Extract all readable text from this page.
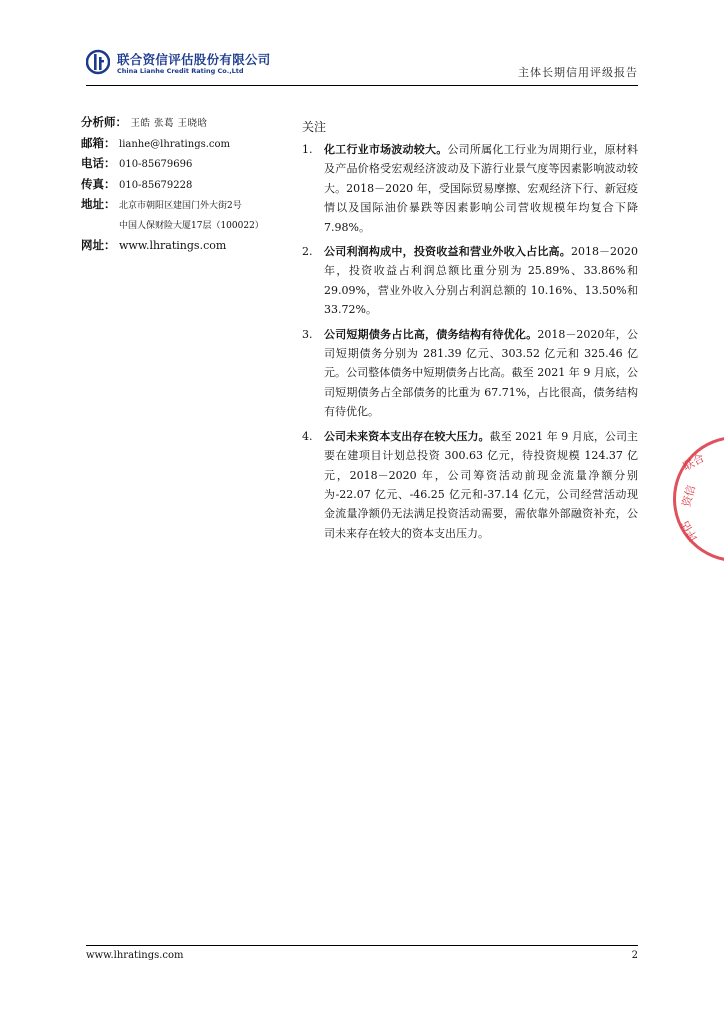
联合资信评估股份有限公司
China Lianhe Credit Rating Co.,Ltd	主体长期信用评级报告
分析师： 王皓 张葛 王晓晗
邮箱： lianhe@lhratings.com
电话： 010-85679696
传真： 010-85679228
地址： 北京市朝阳区建国门外大街2号
中国人保财险大厦17层（100022）
网址： www.lhratings.com
关注
1. 化工行业市场波动较大。公司所属化工行业为周期行业，原材料及产品价格受宏观经济波动及下游行业景气度等因素影响波动较大。2018－2020 年，受国际贸易摩擦、宏观经济下行、新冠疫情以及国际油价暴跌等因素影响公司营收规模年均复合下降 7.98%。
2. 公司利润构成中，投资收益和营业外收入占比高。2018－2020 年，投资收益占利润总额比重分别为 25.89%、33.86%和 29.09%，营业外收入分别占利润总额的 10.16%、13.50%和 33.72%。
3. 公司短期债务占比高，债务结构有待优化。2018－2020年，公司短期债务分别为 281.39 亿元、303.52 亿元和 325.46 亿元。公司整体债务中短期债务占比高。截至 2021 年 9 月底，公司短期债务占全部债务的比重为 67.71%，占比很高，债务结构有待优化。
4. 公司未来资本支出存在较大压力。截至 2021 年 9 月底，公司主要在建项目计划总投资 300.63 亿元，待投资规模 124.37 亿元，2018－2020 年，公司筹资活动前现金流量净额分别为-22.07 亿元、-46.25 亿元和-37.14 亿元，公司经营活动现金流量净额仍无法满足投资活动需要，需依靠外部融资补充，公司未来存在较大的资本支出压力。
联合
资信
评估
www.lhratings.com	2
